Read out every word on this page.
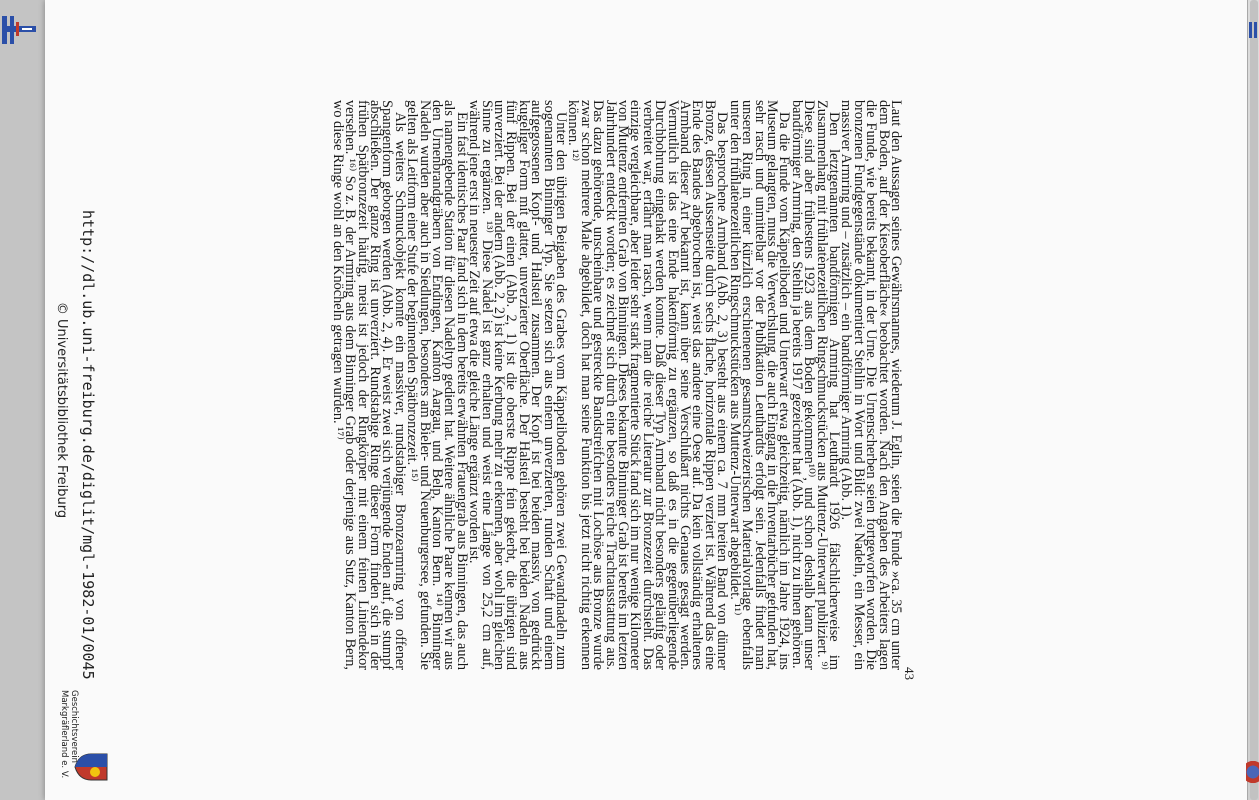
Laut den Aussagen seines Gewährsmannes, wiederum J. Eglin, seien die Funde »ca. 35 cm unter dem Boden, auf der Kiesoberfläche« beobachtet worden. Nach den Angaben des Arbeiters lagen die Funde, wie bereits bekannt, in der Urne. Die Urnenscherben seien fortgeworfen worden. Die bronzenen Fundgegenstände dokumentiert Stehlin in Wort und Bild: zwei Nadeln, ein Messer, ein massiver Armring und – zusätzlich – ein bandförmiger Armring (Abb. 1).

Den letztgenannten bandförmigen Armring hat Leuthardt 1926 fälschlicherweise im Zusammenhang mit frühlatènezeitlichen Ringschmuckstücken aus Muttenz-Unterwart publiziert. ⁹⁾ Diese sind aber frühestens 1923 aus dem Boden gekommen¹⁰⁾, und schon deshalb kann unser bandförmiger Armring, den Stehlin ja bereits 1917 gezeichnet hat (Abb. 1), nicht zu ihnen gehören.

Da die Funde vom Käppeliboden und Unterwart etwa gleichzeitig, nämlich im Jahre 1924, ins Museum gelangten, muss die Verwechslung, die auch Eingang in die Inventarbücher gefunden hat, sehr rasch und unmittelbar vor der Publikation Leuthardts erfolgt sein. Jedenfalls findet man unseren Ring in einer kürzlich erschienenen gesamtschweizerischen Materialvorlage ebenfalls unter den frühlatènezeitlichen Ringschmuckstücken aus Muttenz-Unterwart abgebildet. ¹¹⁾

Das besprochene Armband (Abb. 2, 3) besteht aus einem ca. 7 mm breiten Band von dünner Bronze, dessen Aussenseite durch sechs flache, horizontale Rippen verziert ist. Während das eine Ende des Bandes abgebrochen ist, weist das andere eine Oese auf. Da kein vollständig erhaltenes Armband dieser Art bekannt ist, kann über seine Verschlußart nichts Genaues gesagt werden. Vermutlich ist das eine Ende hakenförmig zu ergänzen, so daß es in die gegenüberliegende Durchbohrung eingehakt werden konnte. Daß dieser Typ Armband nicht besonders geläufig oder verbreitet war, erfährt man rasch, wenn man die reiche Literatur zur Bronzezeit durchsieht. Das einzige vergleichbare, aber leider sehr stark fragmentierte Stück fand sich im nur wenige Kilometer von Muttenz entfernten Grab von Binningen. Dieses bekannte Binninger Grab ist bereits im letzten Jahrhundert entdeckt worden; es zeichnet sich durch eine besonders reiche Trachtausstattung aus. Das dazu gehörende, unscheinbare und gestreckte Bandstreifchen mit Lochöse aus Bronze wurde zwar schon mehrere Male abgebildet, doch hat man seine Funktion bis jetzt nicht richtig erkennen können. ¹²⁾

Unter den übrigen Beigaben des Grabes vom Käppeliboden gehören zwei Gewandnadeln zum sogenannten Binninger Typ. Sie setzen sich aus einem unverzierten, runden Schaft und einem aufgegossenen Kopf- und Halsteil zusammen. Der Kopf ist bei beiden massiv, von gedrückt kugeliger Form mit glatter, unverzierter Oberfläche. Der Halsteil besteht bei beiden Nadeln aus fünf Rippen. Bei der einen (Abb. 2, 1) ist die oberste Rippe fein gekerbt, die übrigen sind unverziert. Bei der andern (Abb. 2, 2) ist keine Kerbung mehr zu erkennen, aber wohl im gleichen Sinne zu ergänzen. ¹³⁾ Diese Nadel ist ganz erhalten und weist eine Länge von 25,2 cm auf, während jene erst in neuester Zeit auf etwa die gleiche Länge ergänzt worden ist.

Ein fast identisches Paar fand sich in dem bereits erwähnten Frauengrab aus Binningen, das auch als namengebende Station für diesen Nadeltyp gedient hat. Weitere ähnliche Paare kennen wir aus den Urnenbrandgräbern von Endingen, Kanton Aargau, und Belp, Kanton Bern. ¹⁴⁾ Binninger Nadeln wurden aber auch in Siedlungen, besonders am Bieler- und Neuenburgersee, gefunden. Sie gelten als Leitform einer Stufe der beginnenden Spätbronzezeit. ¹⁵⁾

Als weiters Schmuckobjekt konnte ein massiver, rundstabiger Bronzearmring von offener Spangenform geborgen werden (Abb. 2, 4). Er weist zwei sich verjüngende Enden auf, die stumpf abschließen. Der ganze Ring ist unverziert. Rundstabige Ringe dieser Form finden sich in der frühen Spätbronzezeit häufig, meist ist jedoch der Ringkörper mit einem feinen Liniendekor versehen. ¹⁶⁾ So z. B. der Armring aus dem Binninger Grab oder derjenige aus Sutz, Kanton Bern, wo diese Ringe wohl an den Knöcheln getragen wurden. ¹⁷⁾

43
http://dl.ub.uni-freiburg.de/diglit/mgl-1982-01/0045
© Universitätsbibliothek Freiburg
Geschichtsverein
Markgräflerland e. V.
